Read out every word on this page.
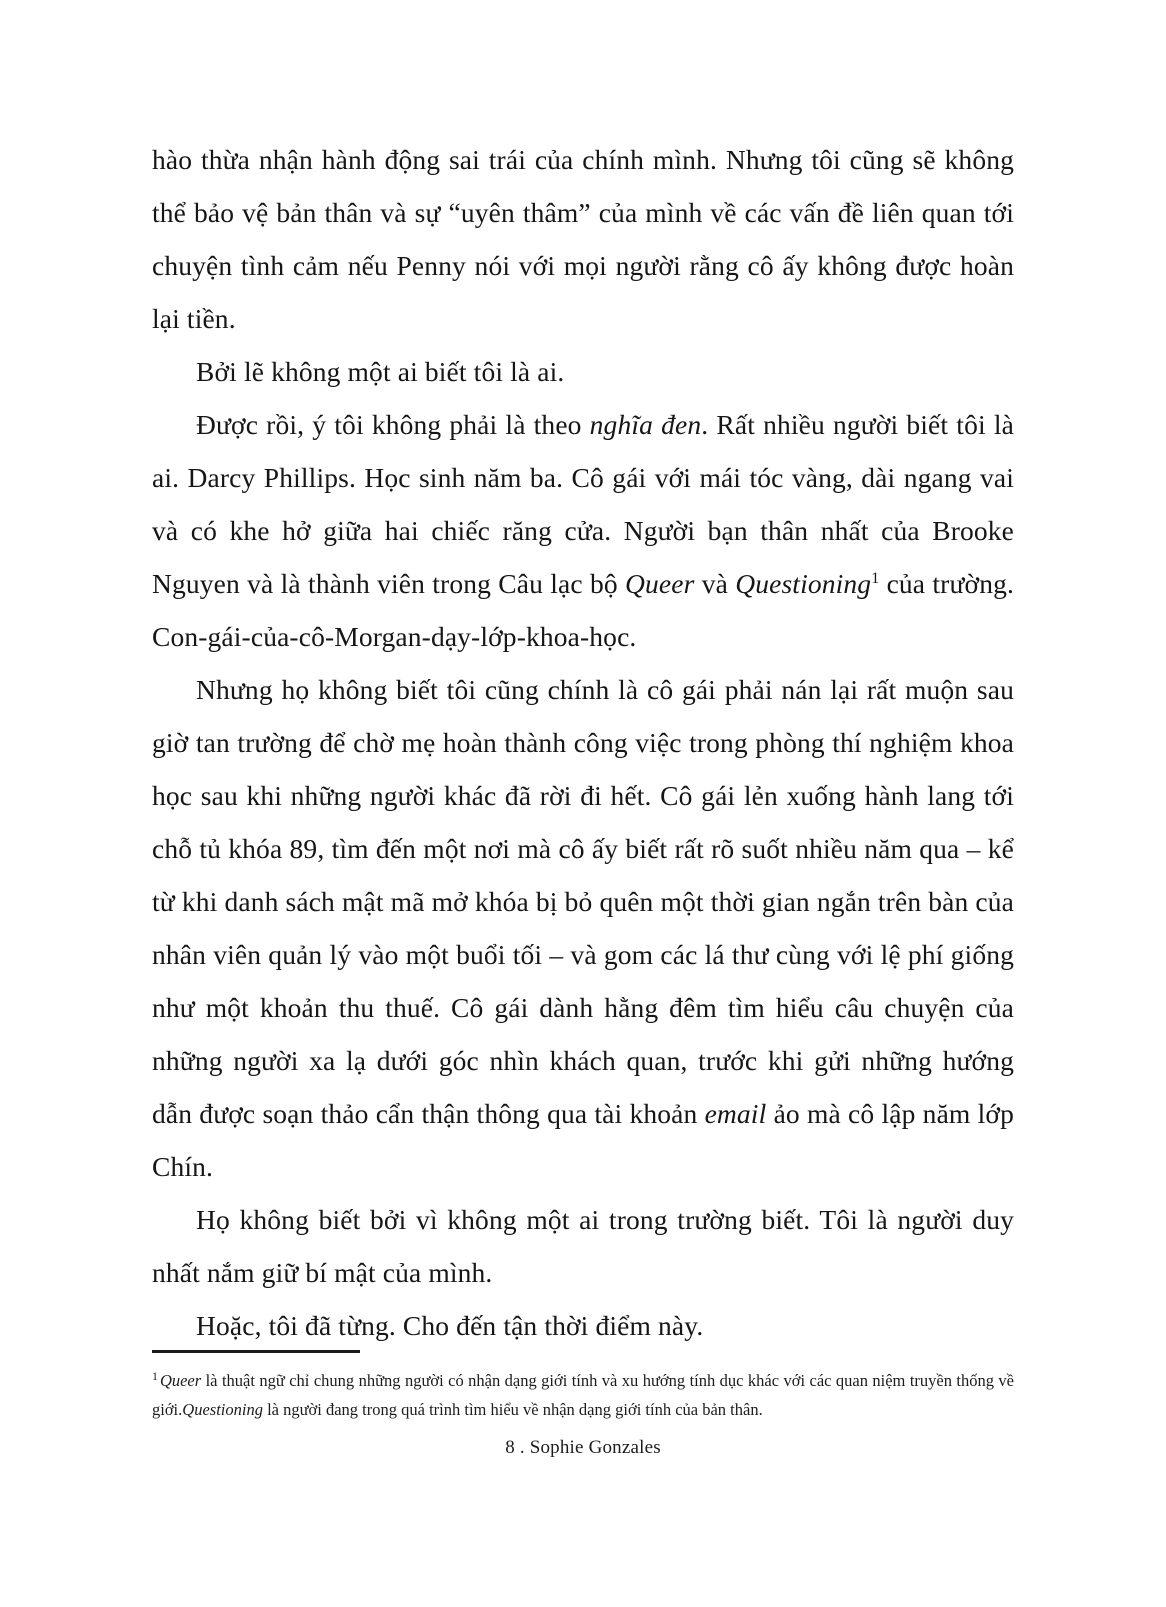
hào thừa nhận hành động sai trái của chính mình. Nhưng tôi cũng sẽ không thể bảo vệ bản thân và sự “uyên thâm” của mình về các vấn đề liên quan tới chuyện tình cảm nếu Penny nói với mọi người rằng cô ấy không được hoàn lại tiền.

Bởi lẽ không một ai biết tôi là ai.

Được rồi, ý tôi không phải là theo nghĩa đen. Rất nhiều người biết tôi là ai. Darcy Phillips. Học sinh năm ba. Cô gái với mái tóc vàng, dài ngang vai và có khe hở giữa hai chiếc răng cửa. Người bạn thân nhất của Brooke Nguyen và là thành viên trong Câu lạc bộ Queer và Questioning$^1$ của trường. Con-gái-của-cô-Morgan-dạy-lớp-khoa-học.

Nhưng họ không biết tôi cũng chính là cô gái phải nán lại rất muộn sau giờ tan trường để chờ mẹ hoàn thành công việc trong phòng thí nghiệm khoa học sau khi những người khác đã rời đi hết. Cô gái lẻn xuống hành lang tới chỗ tủ khóa 89, tìm đến một nơi mà cô ấy biết rất rõ suốt nhiều năm qua – kể từ khi danh sách mật mã mở khóa bị bỏ quên một thời gian ngắn trên bàn của nhân viên quản lý vào một buổi tối – và gom các lá thư cùng với lệ phí giống như một khoản thu thuế. Cô gái dành hằng đêm tìm hiểu câu chuyện của những người xa lạ dưới góc nhìn khách quan, trước khi gửi những hướng dẫn được soạn thảo cẩn thận thông qua tài khoản email ảo mà cô lập năm lớp Chín.

Họ không biết bởi vì không một ai trong trường biết. Tôi là người duy nhất nắm giữ bí mật của mình.

Hoặc, tôi đã từng. Cho đến tận thời điểm này.

$^1$ Queer là thuật ngữ chỉ chung những người có nhận dạng giới tính và xu hướng tính dục khác với các quan niệm truyền thống về giới.Questioning là người đang trong quá trình tìm hiểu về nhận dạng giới tính của bản thân.

8 . Sophie Gonzales
